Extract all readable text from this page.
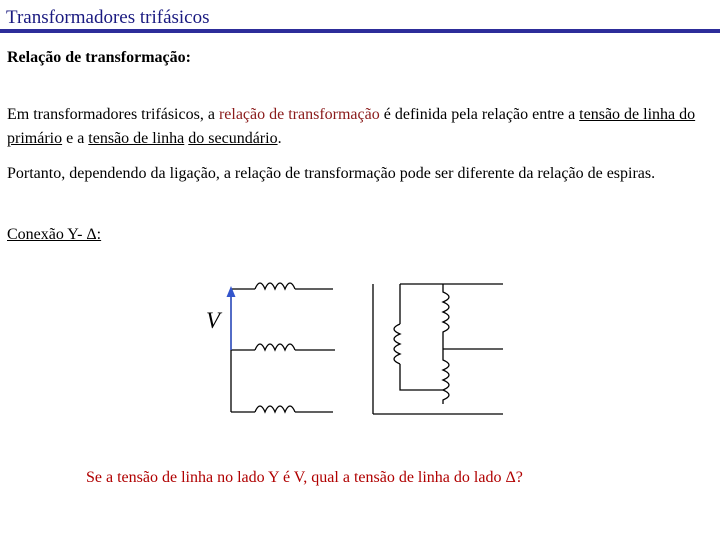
Transformadores trifásicos
Relação de transformação:
Em transformadores trifásicos, a relação de transformação é definida pela relação entre a tensão de linha do primário e a tensão de linha do secundário.
Portanto, dependendo da ligação, a relação de transformação pode ser diferente da relação de espiras.
Conexão Y- Δ:
V
Se a tensão de linha no lado Y é V, qual a tensão de linha do lado Δ?
